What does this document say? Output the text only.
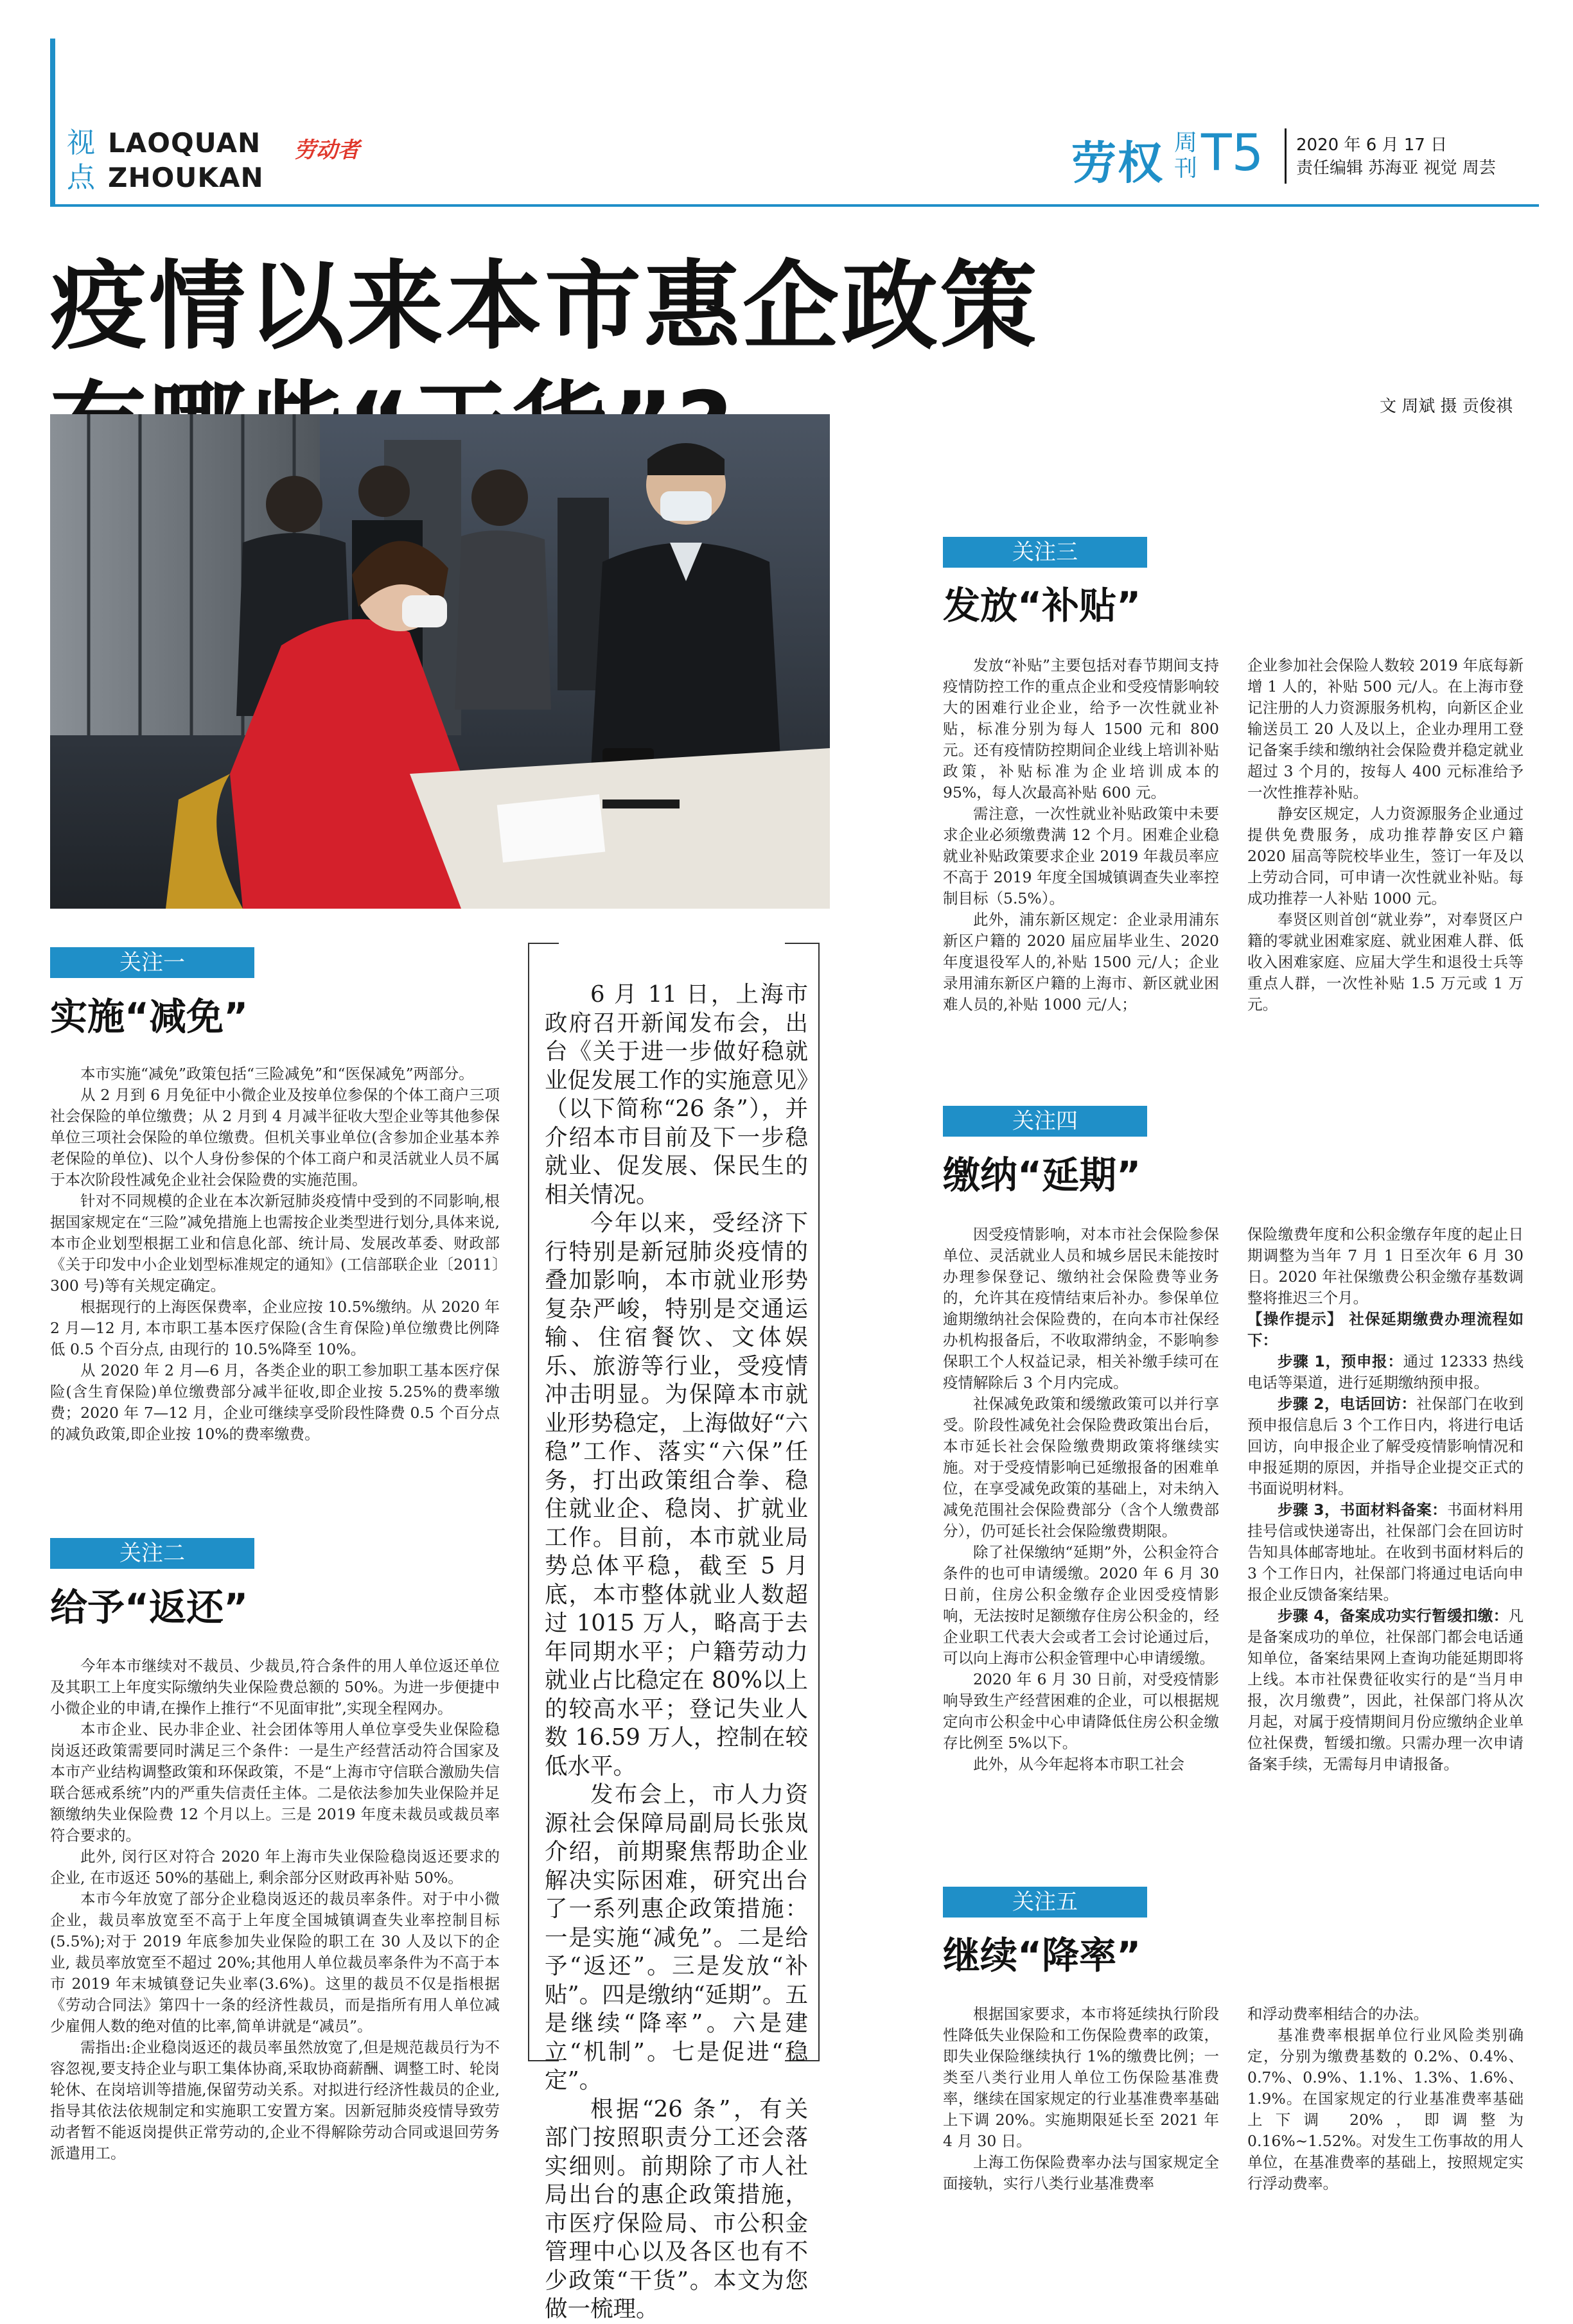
视
点
LAOQUAN
ZHOUKAN
劳动者	劳权 周
刊 T5 2020 年 6 月 17 日
责任编辑 苏海亚 视觉 周芸
疫情以来本市惠企政策
文 周斌 摄 贡俊祺
关注一
实施“减免”

本市实施“减免”政策包括“三险减免”和“医保减免”两部分。

从 2 月到 6 月免征中小微企业及按单位参保的个体工商户三项社会保险的单位缴费；从 2 月到 4 月减半征收大型企业等其他参保单位三项社会保险的单位缴费。但机关事业单位(含参加企业基本养老保险的单位)、以个人身份参保的个体工商户和灵活就业人员不属于本次阶段性减免企业社会保险费的实施范围。

针对不同规模的企业在本次新冠肺炎疫情中受到的不同影响,根据国家规定在“三险”减免措施上也需按企业类型进行划分,具体来说,本市企业划型根据工业和信息化部、统计局、发展改革委、财政部《关于印发中小企业划型标准规定的通知》(工信部联企业〔2011〕300 号)等有关规定确定。

根据现行的上海医保费率，企业应按 10.5%缴纳。从 2020 年 2 月—12 月, 本市职工基本医疗保险(含生育保险)单位缴费比例降低 0.5 个百分点, 由现行的 10.5%降至 10%。

从 2020 年 2 月—6 月，各类企业的职工参加职工基本医疗保险(含生育保险)单位缴费部分减半征收,即企业按 5.25%的费率缴费；2020 年 7—12 月，企业可继续享受阶段性降费 0.5 个百分点的减负政策,即企业按 10%的费率缴费。

关注二
给予“返还”

今年本市继续对不裁员、少裁员,符合条件的用人单位返还单位及其职工上年度实际缴纳失业保险费总额的 50%。为进一步便捷中小微企业的申请,在操作上推行“不见面审批”,实现全程网办。

本市企业、民办非企业、社会团体等用人单位享受失业保险稳岗返还政策需要同时满足三个条件：一是生产经营活动符合国家及本市产业结构调整政策和环保政策，不是“上海市守信联合激励失信联合惩戒系统”内的严重失信责任主体。二是依法参加失业保险并足额缴纳失业保险费 12 个月以上。三是 2019 年度未裁员或裁员率符合要求的。

此外, 闵行区对符合 2020 年上海市失业保险稳岗返还要求的企业, 在市返还 50%的基础上, 剩余部分区财政再补贴 50%。

本市今年放宽了部分企业稳岗返还的裁员率条件。对于中小微企业，裁员率放宽至不高于上年度全国城镇调查失业率控制目标(5.5%);对于 2019 年底参加失业保险的职工在 30 人及以下的企业, 裁员率放宽至不超过 20%;其他用人单位裁员率条件为不高于本市 2019 年末城镇登记失业率(3.6%)。这里的裁员不仅是指根据《劳动合同法》第四十一条的经济性裁员，而是指所有用人单位减少雇佣人数的绝对值的比率,简单讲就是“减员”。

需指出:企业稳岗返还的裁员率虽然放宽了,但是规范裁员行为不容忽视,要支持企业与职工集体协商,采取协商薪酬、调整工时、轮岗轮休、在岗培训等措施,保留劳动关系。对拟进行经济性裁员的企业,指导其依法依规制定和实施职工安置方案。因新冠肺炎疫情导致劳动者暂不能返岗提供正常劳动的,企业不得解除劳动合同或退回劳务派遣用工。

6 月 11 日，上海市政府召开新闻发布会，出台《关于进一步做好稳就业促发展工作的实施意见》（以下简称“26 条”），并介绍本市目前及下一步稳就业、促发展、保民生的相关情况。

今年以来，受经济下行特别是新冠肺炎疫情的叠加影响，本市就业形势复杂严峻，特别是交通运输、住宿餐饮、文体娱乐、旅游等行业，受疫情冲击明显。为保障本市就业形势稳定，上海做好“六稳”工作、落实“六保”任务，打出政策组合拳、稳住就业企、稳岗、扩就业工作。目前，本市就业局势总体平稳，截至 5 月底，本市整体就业人数超过 1015 万人，略高于去年同期水平；户籍劳动力就业占比稳定在 80%以上的较高水平；登记失业人数 16.59 万人，控制在较低水平。

发布会上，市人力资源社会保障局副局长张岚介绍，前期聚焦帮助企业解决实际困难，研究出台了一系列惠企政策措施：一是实施“减免”。二是给予“返还”。三是发放“补贴”。四是缴纳“延期”。五是继续“降率”。六是建立“机制”。七是促进“稳定”。

根据“26 条”，有关部门按照职责分工还会落实细则。前期除了市人社局出台的惠企政策措施，市医疗保险局、市公积金管理中心以及各区也有不少政策“干货”。本文为您做一梳理。

关注三
发放“补贴”

发放“补贴”主要包括对春节期间支持疫情防控工作的重点企业和受疫情影响较大的困难行业企业，给予一次性就业补贴，标准分别为每人 1500 元和 800 元。还有疫情防控期间企业线上培训补贴政策，补贴标准为企业培训成本的 95%，每人次最高补贴 600 元。

需注意，一次性就业补贴政策中未要求企业必须缴费满 12 个月。困难企业稳就业补贴政策要求企业 2019 年裁员率应不高于 2019 年度全国城镇调查失业率控制目标（5.5%）。

此外，浦东新区规定：企业录用浦东新区户籍的 2020 届应届毕业生、2020 年度退役军人的,补贴 1500 元/人；企业录用浦东新区户籍的上海市、新区就业困难人员的,补贴 1000 元/人；

企业参加社会保险人数较 2019 年底每新增 1 人的，补贴 500 元/人。在上海市登记注册的人力资源服务机构，向新区企业输送员工 20 人及以上，企业办理用工登记备案手续和缴纳社会保险费并稳定就业超过 3 个月的，按每人 400 元标准给予一次性推荐补贴。

静安区规定，人力资源服务企业通过提供免费服务，成功推荐静安区户籍 2020 届高等院校毕业生，签订一年及以上劳动合同，可申请一次性就业补贴。每成功推荐一人补贴 1000 元。

奉贤区则首创“就业券”，对奉贤区户籍的零就业困难家庭、就业困难人群、低收入困难家庭、应届大学生和退役士兵等重点人群，一次性补贴 1.5 万元或 1 万元。

关注四
缴纳“延期”

因受疫情影响，对本市社会保险参保单位、灵活就业人员和城乡居民未能按时办理参保登记、缴纳社会保险费等业务的，允许其在疫情结束后补办。参保单位逾期缴纳社会保险费的，在向本市社保经办机构报备后，不收取滞纳金，不影响参保职工个人权益记录，相关补缴手续可在疫情解除后 3 个月内完成。

社保减免政策和缓缴政策可以并行享受。阶段性减免社会保险费政策出台后，本市延长社会保险缴费期政策将继续实施。对于受疫情影响已延缴报备的困难单位，在享受减免政策的基础上，对未纳入减免范围社会保险费部分（含个人缴费部分），仍可延长社会保险缴费期限。

除了社保缴纳“延期”外，公积金符合条件的也可申请缓缴。2020 年 6 月 30 日前，住房公积金缴存企业因受疫情影响，无法按时足额缴存住房公积金的，经企业职工代表大会或者工会讨论通过后，可以向上海市公积金管理中心申请缓缴。

2020 年 6 月 30 日前，对受疫情影响导致生产经营困难的企业，可以根据规定向市公积金中心申请降低住房公积金缴存比例至 5%以下。

此外，从今年起将本市职工社会

保险缴费年度和公积金缴存年度的起止日期调整为当年 7 月 1 日至次年 6 月 30 日。2020 年社保缴费公积金缴存基数调整将推迟三个月。

【操作提示】 社保延期缴费办理流程如下：

步骤 1，预申报：通过 12333 热线电话等渠道，进行延期缴纳预申报。

步骤 2，电话回访：社保部门在收到预申报信息后 3 个工作日内，将进行电话回访，向申报企业了解受疫情影响情况和申报延期的原因，并指导企业提交正式的书面说明材料。

步骤 3，书面材料备案：书面材料用挂号信或快递寄出，社保部门会在回访时告知具体邮寄地址。在收到书面材料后的 3 个工作日内，社保部门将通过电话向申报企业反馈备案结果。

步骤 4，备案成功实行暂缓扣缴：凡是备案成功的单位，社保部门都会电话通知单位，备案结果网上查询功能延期即将上线。本市社保费征收实行的是“当月申报，次月缴费”，因此，社保部门将从次月起，对属于疫情期间月份应缴纳企业单位社保费，暂缓扣缴。只需办理一次申请备案手续，无需每月申请报备。

关注五
继续“降率”

根据国家要求，本市将延续执行阶段性降低失业保险和工伤保险费率的政策，即失业保险继续执行 1%的缴费比例；一类至八类行业用人单位工伤保险基准费率，继续在国家规定的行业基准费率基础上下调 20%。实施期限延长至 2021 年 4 月 30 日。

上海工伤保险费率办法与国家规定全面接轨，实行八类行业基准费率

和浮动费率相结合的办法。

基准费率根据单位行业风险类别确定，分别为缴费基数的 0.2%、0.4%、0.7%、0.9%、1.1%、1.3%、1.6%、1.9%。在国家规定的行业基准费率基础上下调 20%，即调整为 0.16%~1.52%。对发生工伤事故的用人单位，在基准费率的基础上，按照规定实行浮动费率。
